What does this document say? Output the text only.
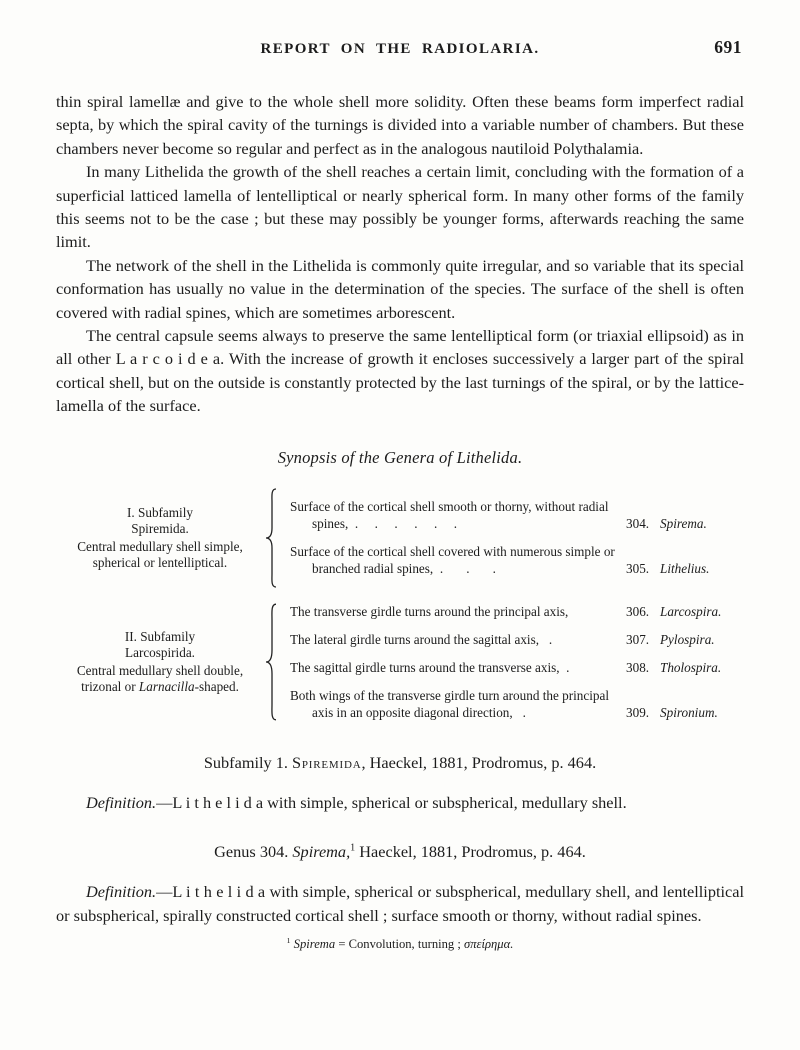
REPORT ON THE RADIOLARIA.	691

thin spiral lamellæ and give to the whole shell more solidity. Often these beams form imperfect radial septa, by which the spiral cavity of the turnings is divided into a variable number of chambers. But these chambers never become so regular and perfect as in the analogous nautiloid Polythalamia.

In many Lithelida the growth of the shell reaches a certain limit, concluding with the formation of a superficial latticed lamella of lentelliptical or nearly spherical form. In many other forms of the family this seems not to be the case ; but these may possibly be younger forms, afterwards reaching the same limit.

The network of the shell in the Lithelida is commonly quite irregular, and so variable that its special conformation has usually no value in the determination of the species. The surface of the shell is often covered with radial spines, which are sometimes arborescent.

The central capsule seems always to preserve the same lentelliptical form (or triaxial ellipsoid) as in all other L a r c o i d e a. With the increase of growth it encloses successively a larger part of the spiral cortical shell, but on the outside is constantly protected by the last turnings of the spiral, or by the lattice-lamella of the surface.

Synopsis of the Genera of Lithelida.
I. Subfamily
Spiremida.
Central medullary shell simple, spherical or lentelliptical.
Surface of the cortical shell smooth or thorny, without radial spines,  .     .     .     .     .     .	304. Spirema.
Surface of the cortical shell covered with numerous simple or branched radial spines,  .       .       .	305. Lithelius.
II. Subfamily
Larcospirida.
Central medullary shell double, trizonal or Larnacilla-shaped.
The transverse girdle turns around the principal axis,	306. Larcospira.
The lateral girdle turns around the sagittal axis,   .	307. Pylospira.
The sagittal girdle turns around the transverse axis,  .	308. Tholospira.
Both wings of the transverse girdle turn around the principal axis in an opposite diagonal direction,   .	309. Spironium.

Subfamily 1. Spiremida, Haeckel, 1881, Prodromus, p. 464.

Definition.—L i t h e l i d a with simple, spherical or subspherical, medullary shell.

Genus 304. Spirema,$^1$ Haeckel, 1881, Prodromus, p. 464.

Definition.—L i t h e l i d a with simple, spherical or subspherical, medullary shell, and lentelliptical or subspherical, spirally constructed cortical shell ; surface smooth or thorny, without radial spines.

$^1$ Spirema = Convolution, turning ; σπείρημα.
